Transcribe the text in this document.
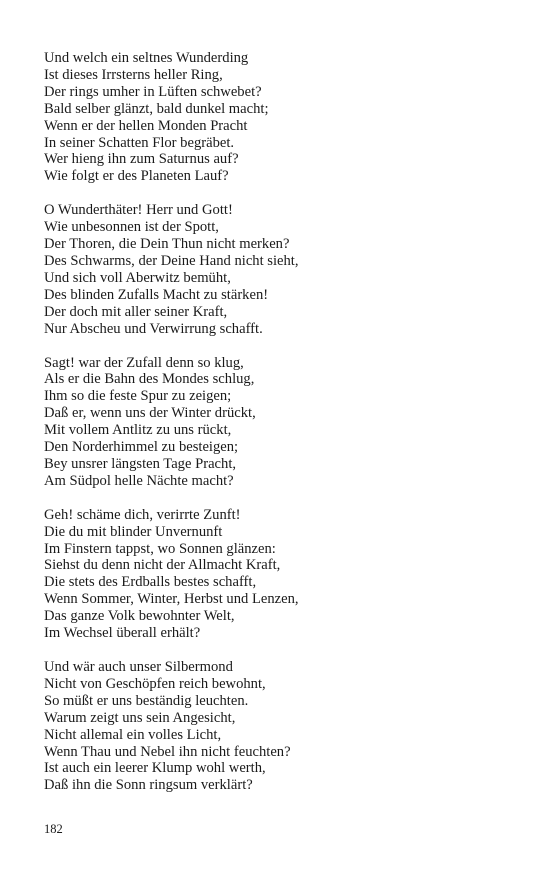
Und welch ein seltnes Wunderding
Ist dieses Irrsterns heller Ring,
Der rings umher in Lüften schwebet?
Bald selber glänzt, bald dunkel macht;
Wenn er der hellen Monden Pracht
In seiner Schatten Flor begräbet.
Wer hieng ihn zum Saturnus auf?
Wie folgt er des Planeten Lauf?
O Wunderthäter! Herr und Gott!
Wie unbesonnen ist der Spott,
Der Thoren, die Dein Thun nicht merken?
Des Schwarms, der Deine Hand nicht sieht,
Und sich voll Aberwitz bemüht,
Des blinden Zufalls Macht zu stärken!
Der doch mit aller seiner Kraft,
Nur Abscheu und Verwirrung schafft.
Sagt! war der Zufall denn so klug,
Als er die Bahn des Mondes schlug,
Ihm so die feste Spur zu zeigen;
Daß er, wenn uns der Winter drückt,
Mit vollem Antlitz zu uns rückt,
Den Norderhimmel zu besteigen;
Bey unsrer längsten Tage Pracht,
Am Südpol helle Nächte macht?
Geh! schäme dich, verirrte Zunft!
Die du mit blinder Unvernunft
Im Finstern tappst, wo Sonnen glänzen:
Siehst du denn nicht der Allmacht Kraft,
Die stets des Erdballs bestes schafft,
Wenn Sommer, Winter, Herbst und Lenzen,
Das ganze Volk bewohnter Welt,
Im Wechsel überall erhält?
Und wär auch unser Silbermond
Nicht von Geschöpfen reich bewohnt,
So müßt er uns beständig leuchten.
Warum zeigt uns sein Angesicht,
Nicht allemal ein volles Licht,
Wenn Thau und Nebel ihn nicht feuchten?
Ist auch ein leerer Klump wohl werth,
Daß ihn die Sonn ringsum verklärt?
182
